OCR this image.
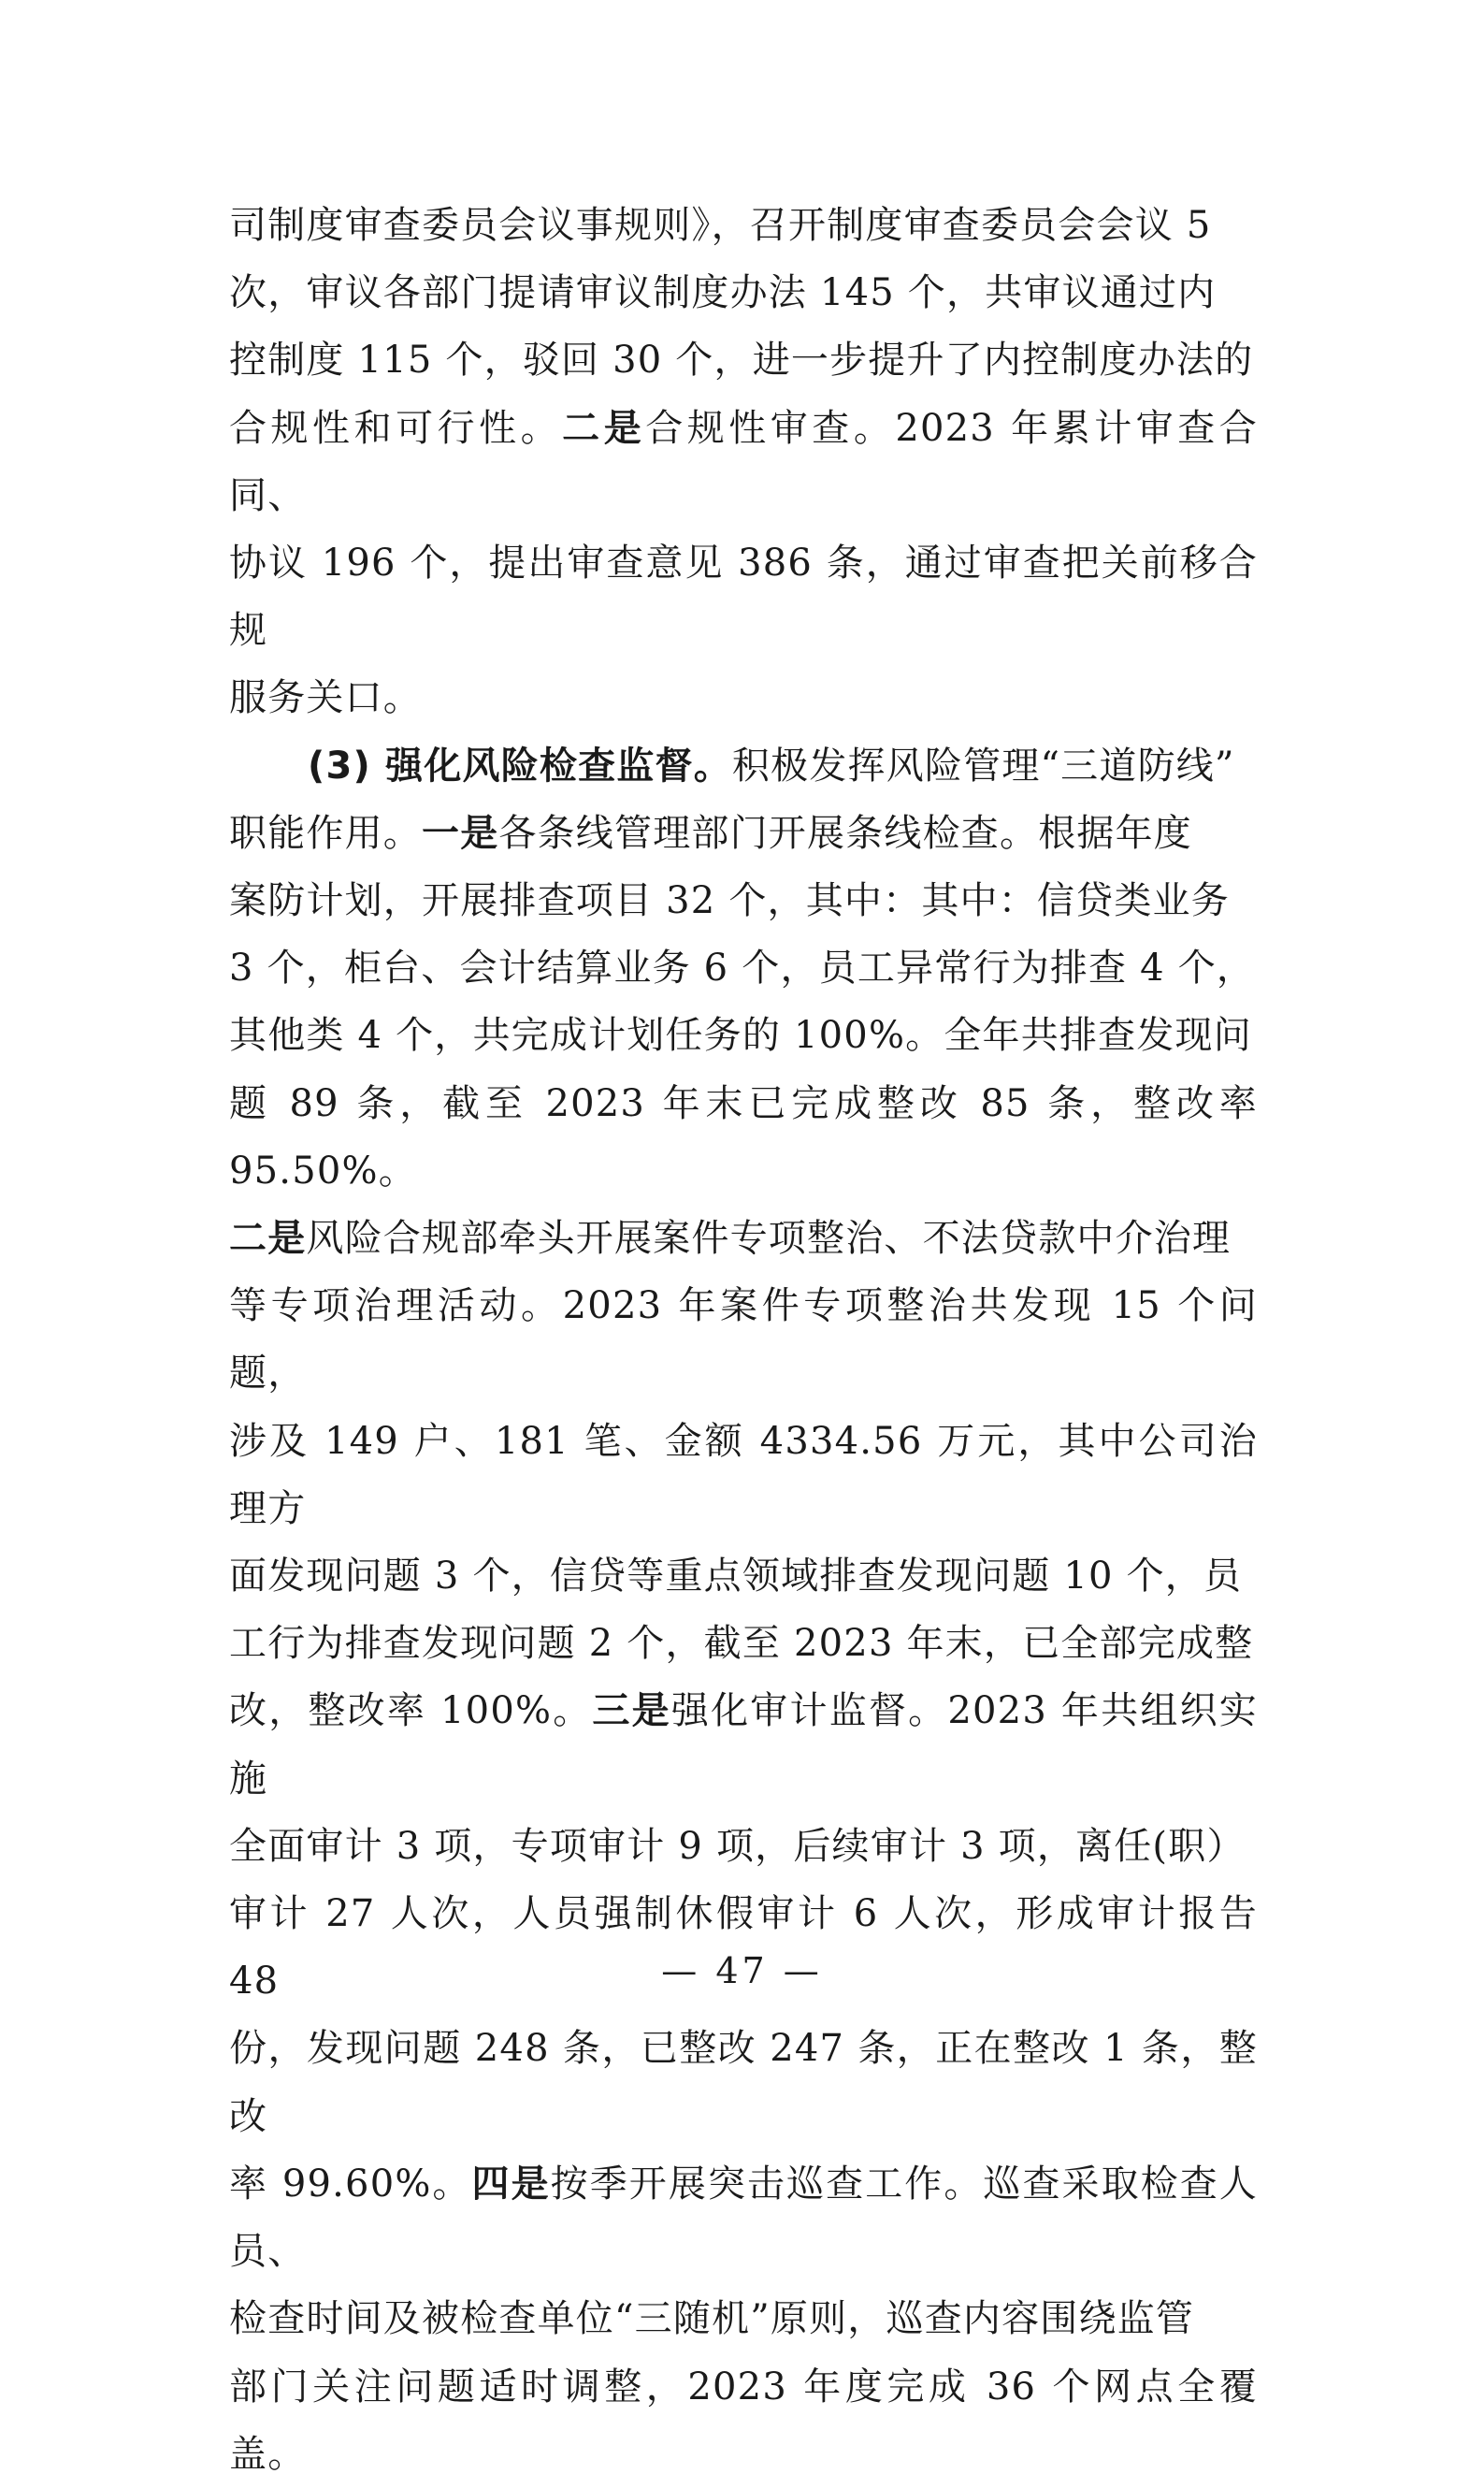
司制度审查委员会议事规则》，召开制度审查委员会会议 5
次，审议各部门提请审议制度办法 145 个，共审议通过内
控制度 115 个，驳回 30 个，进一步提升了内控制度办法的
合规性和可行性。二是合规性审查。2023 年累计审查合同、
协议 196 个，提出审查意见 386 条，通过审查把关前移合规
服务关口。

(3) 强化风险检查监督。积极发挥风险管理“三道防线”
职能作用。一是各条线管理部门开展条线检查。根据年度
案防计划，开展排查项目 32 个，其中：其中：信贷类业务
3 个，柜台、会计结算业务 6 个，员工异常行为排查 4 个，
其他类 4 个，共完成计划任务的 100%。全年共排查发现问
题 89 条，截至 2023 年末已完成整改 85 条，整改率 95.50%。
二是风险合规部牵头开展案件专项整治、不法贷款中介治理
等专项治理活动。2023 年案件专项整治共发现 15 个问题，
涉及 149 户、181 笔、金额 4334.56 万元，其中公司治理方
面发现问题 3 个，信贷等重点领域排查发现问题 10 个，员
工行为排查发现问题 2 个，截至 2023 年末，已全部完成整
改，整改率 100%。三是强化审计监督。2023 年共组织实施
全面审计 3 项，专项审计 9 项，后续审计 3 项，离任(职）
审计 27 人次，人员强制休假审计 6 人次，形成审计报告 48
份，发现问题 248 条，已整改 247 条，正在整改 1 条，整改
率 99.60%。四是按季开展突击巡查工作。巡查采取检查人员、
检查时间及被检查单位“三随机”原则，巡查内容围绕监管
部门关注问题适时调整，2023 年度完成 36 个网点全覆盖。

— 47 —
